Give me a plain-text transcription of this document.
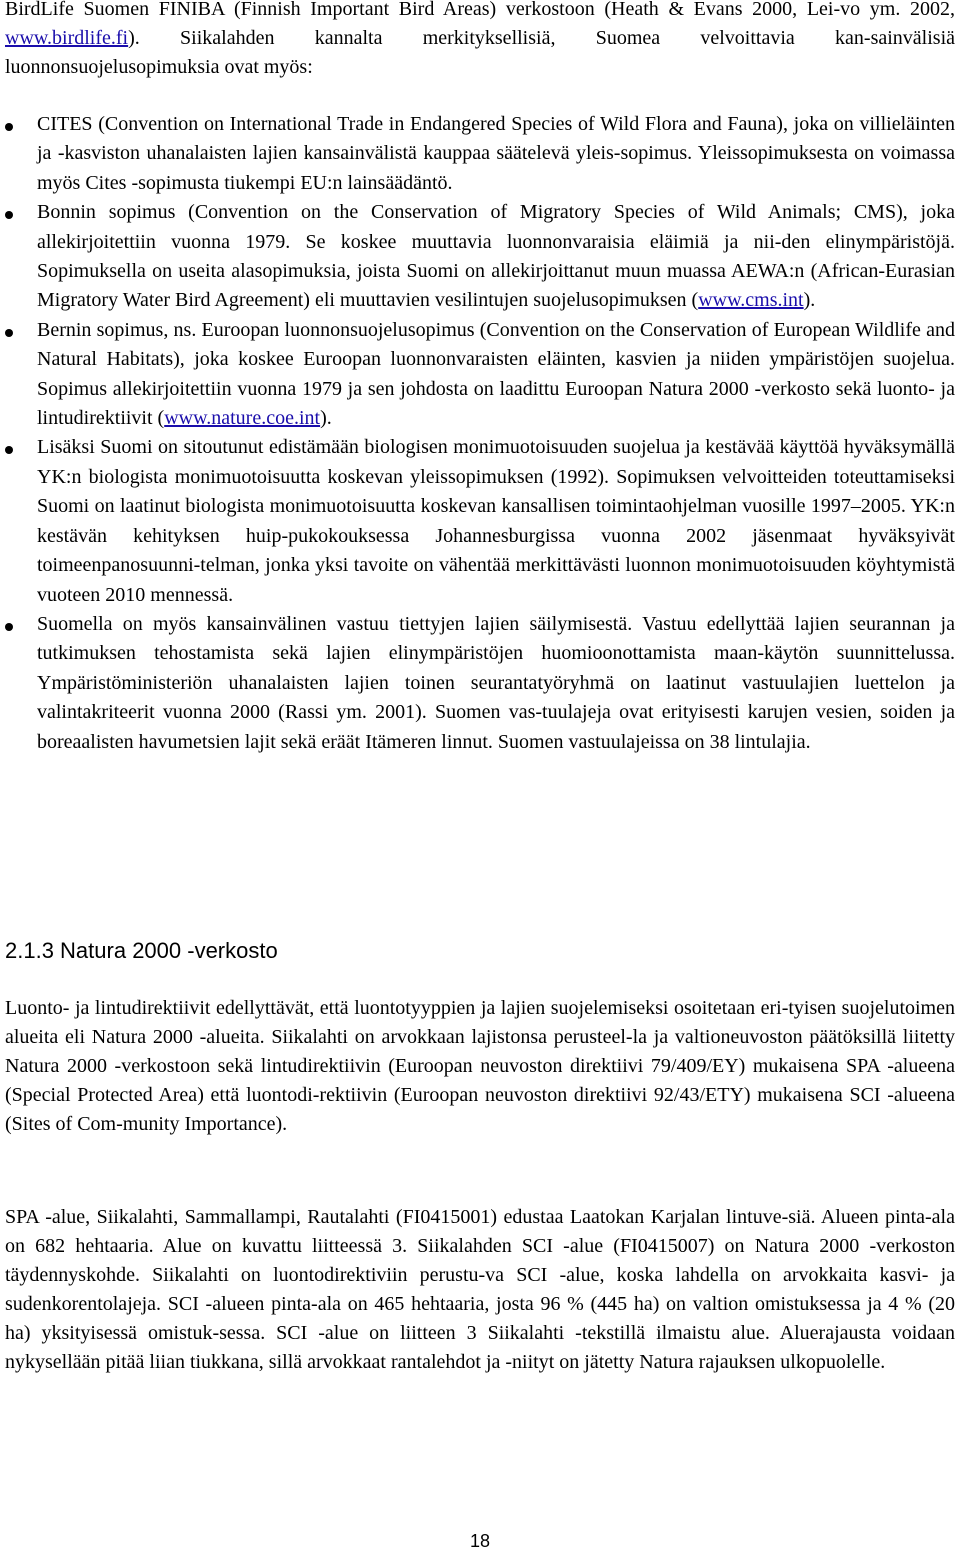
BirdLife Suomen FINIBA (Finnish Important Bird Areas) verkostoon (Heath & Evans 2000, Lei-vo ym. 2002, www.birdlife.fi). Siikalahden kannalta merkityksellisiä, Suomea velvoittavia kan-sainvälisiä luonnonsuojelusopimuksia ovat myös:

CITES (Convention on International Trade in Endangered Species of Wild Flora and Fauna), joka on villieläinten ja -kasviston uhanalaisten lajien kansainvälistä kauppaa säätelevä yleis-sopimus. Yleissopimuksesta on voimassa myös Cites -sopimusta tiukempi EU:n lainsäädäntö.
Bonnin sopimus (Convention on the Conservation of Migratory Species of Wild Animals; CMS), joka allekirjoitettiin vuonna 1979. Se koskee muuttavia luonnonvaraisia eläimiä ja nii-den elinympäristöjä. Sopimuksella on useita alasopimuksia, joista Suomi on allekirjoittanut muun muassa AEWA:n (African-Eurasian Migratory Water Bird Agreement) eli muuttavien vesilintujen suojelusopimuksen (www.cms.int).
Bernin sopimus, ns. Euroopan luonnonsuojelusopimus (Convention on the Conservation of European Wildlife and Natural Habitats), joka koskee Euroopan luonnonvaraisten eläinten, kasvien ja niiden ympäristöjen suojelua. Sopimus allekirjoitettiin vuonna 1979 ja sen johdosta on laadittu Euroopan Natura 2000 -verkosto sekä luonto- ja lintudirektiivit (www.nature.coe.int).
Lisäksi Suomi on sitoutunut edistämään biologisen monimuotoisuuden suojelua ja kestävää käyttöä hyväksymällä YK:n biologista monimuotoisuutta koskevan yleissopimuksen (1992). Sopimuksen velvoitteiden toteuttamiseksi Suomi on laatinut biologista monimuotoisuutta koskevan kansallisen toimintaohjelman vuosille 1997–2005. YK:n kestävän kehityksen huip-pukokouksessa Johannesburgissa vuonna 2002 jäsenmaat hyväksyivät toimeenpanosuunni-telman, jonka yksi tavoite on vähentää merkittävästi luonnon monimuotoisuuden köyhtymistä vuoteen 2010 mennessä.
Suomella on myös kansainvälinen vastuu tiettyjen lajien säilymisestä. Vastuu edellyttää lajien seurannan ja tutkimuksen tehostamista sekä lajien elinympäristöjen huomioonottamista maan-käytön suunnittelussa. Ympäristöministeriön uhanalaisten lajien toinen seurantatyöryhmä on laatinut vastuulajien luettelon ja valintakriteerit vuonna 2000 (Rassi ym. 2001). Suomen vas-tuulajeja ovat erityisesti karujen vesien, soiden ja boreaalisten havumetsien lajit sekä eräät Itämeren linnut. Suomen vastuulajeissa on 38 lintulajia.
2.1.3 Natura 2000 -verkosto

Luonto- ja lintudirektiivit edellyttävät, että luontotyyppien ja lajien suojelemiseksi osoitetaan eri-tyisen suojelutoimen alueita eli Natura 2000 -alueita. Siikalahti on arvokkaan lajistonsa perusteel-la ja valtioneuvoston päätöksillä liitetty Natura 2000 -verkostoon sekä lintudirektiivin (Euroopan neuvoston direktiivi 79/409/EY) mukaisena SPA -alueena (Special Protected Area) että luontodi-rektiivin (Euroopan neuvoston direktiivi 92/43/ETY) mukaisena SCI -alueena (Sites of Com-munity Importance).

SPA -alue, Siikalahti, Sammallampi, Rautalahti (FI0415001) edustaa Laatokan Karjalan lintuve-siä. Alueen pinta-ala on 682 hehtaaria. Alue on kuvattu liitteessä 3. Siikalahden SCI -alue (FI0415007) on Natura 2000 -verkoston täydennyskohde. Siikalahti on luontodirektiviin perustu-va SCI -alue, koska lahdella on arvokkaita kasvi- ja sudenkorentolajeja. SCI -alueen pinta-ala on 465 hehtaaria, josta 96 % (445 ha) on valtion omistuksessa ja 4 % (20 ha) yksityisessä omistuk-sessa. SCI -alue on liitteen 3 Siikalahti -tekstillä ilmaistu alue. Aluerajausta voidaan nykysellään pitää liian tiukkana, sillä arvokkaat rantalehdot ja -niityt on jätetty Natura rajauksen ulkopuolelle.

18
